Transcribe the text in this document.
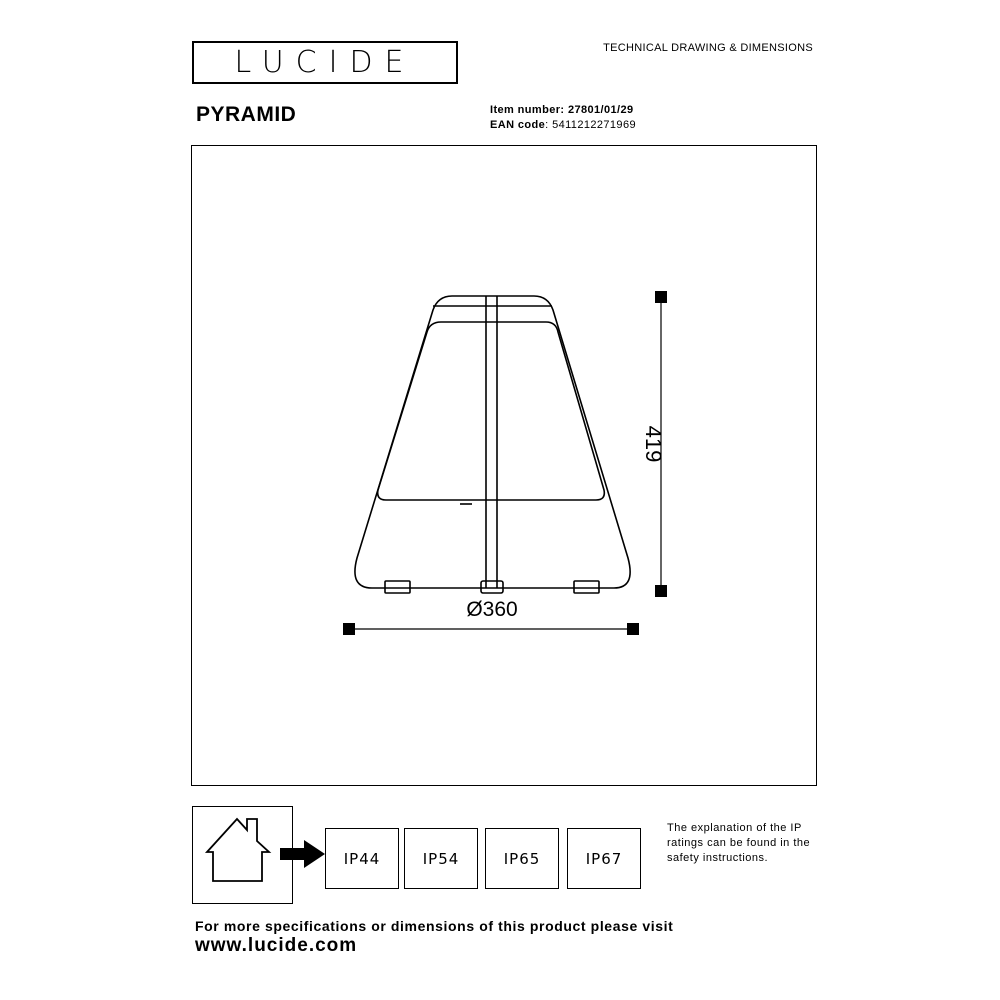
LUCIDE	TECHNICAL DRAWING & DIMENSIONS
PYRAMID	Item number: 27801/01/29
EAN code: 5411212271969
419
Ø360
IP44	IP54	IP65	IP67
The explanation of the IP ratings can be found in the safety instructions.
For more specifications or dimensions of this product please visit
www.lucide.com
